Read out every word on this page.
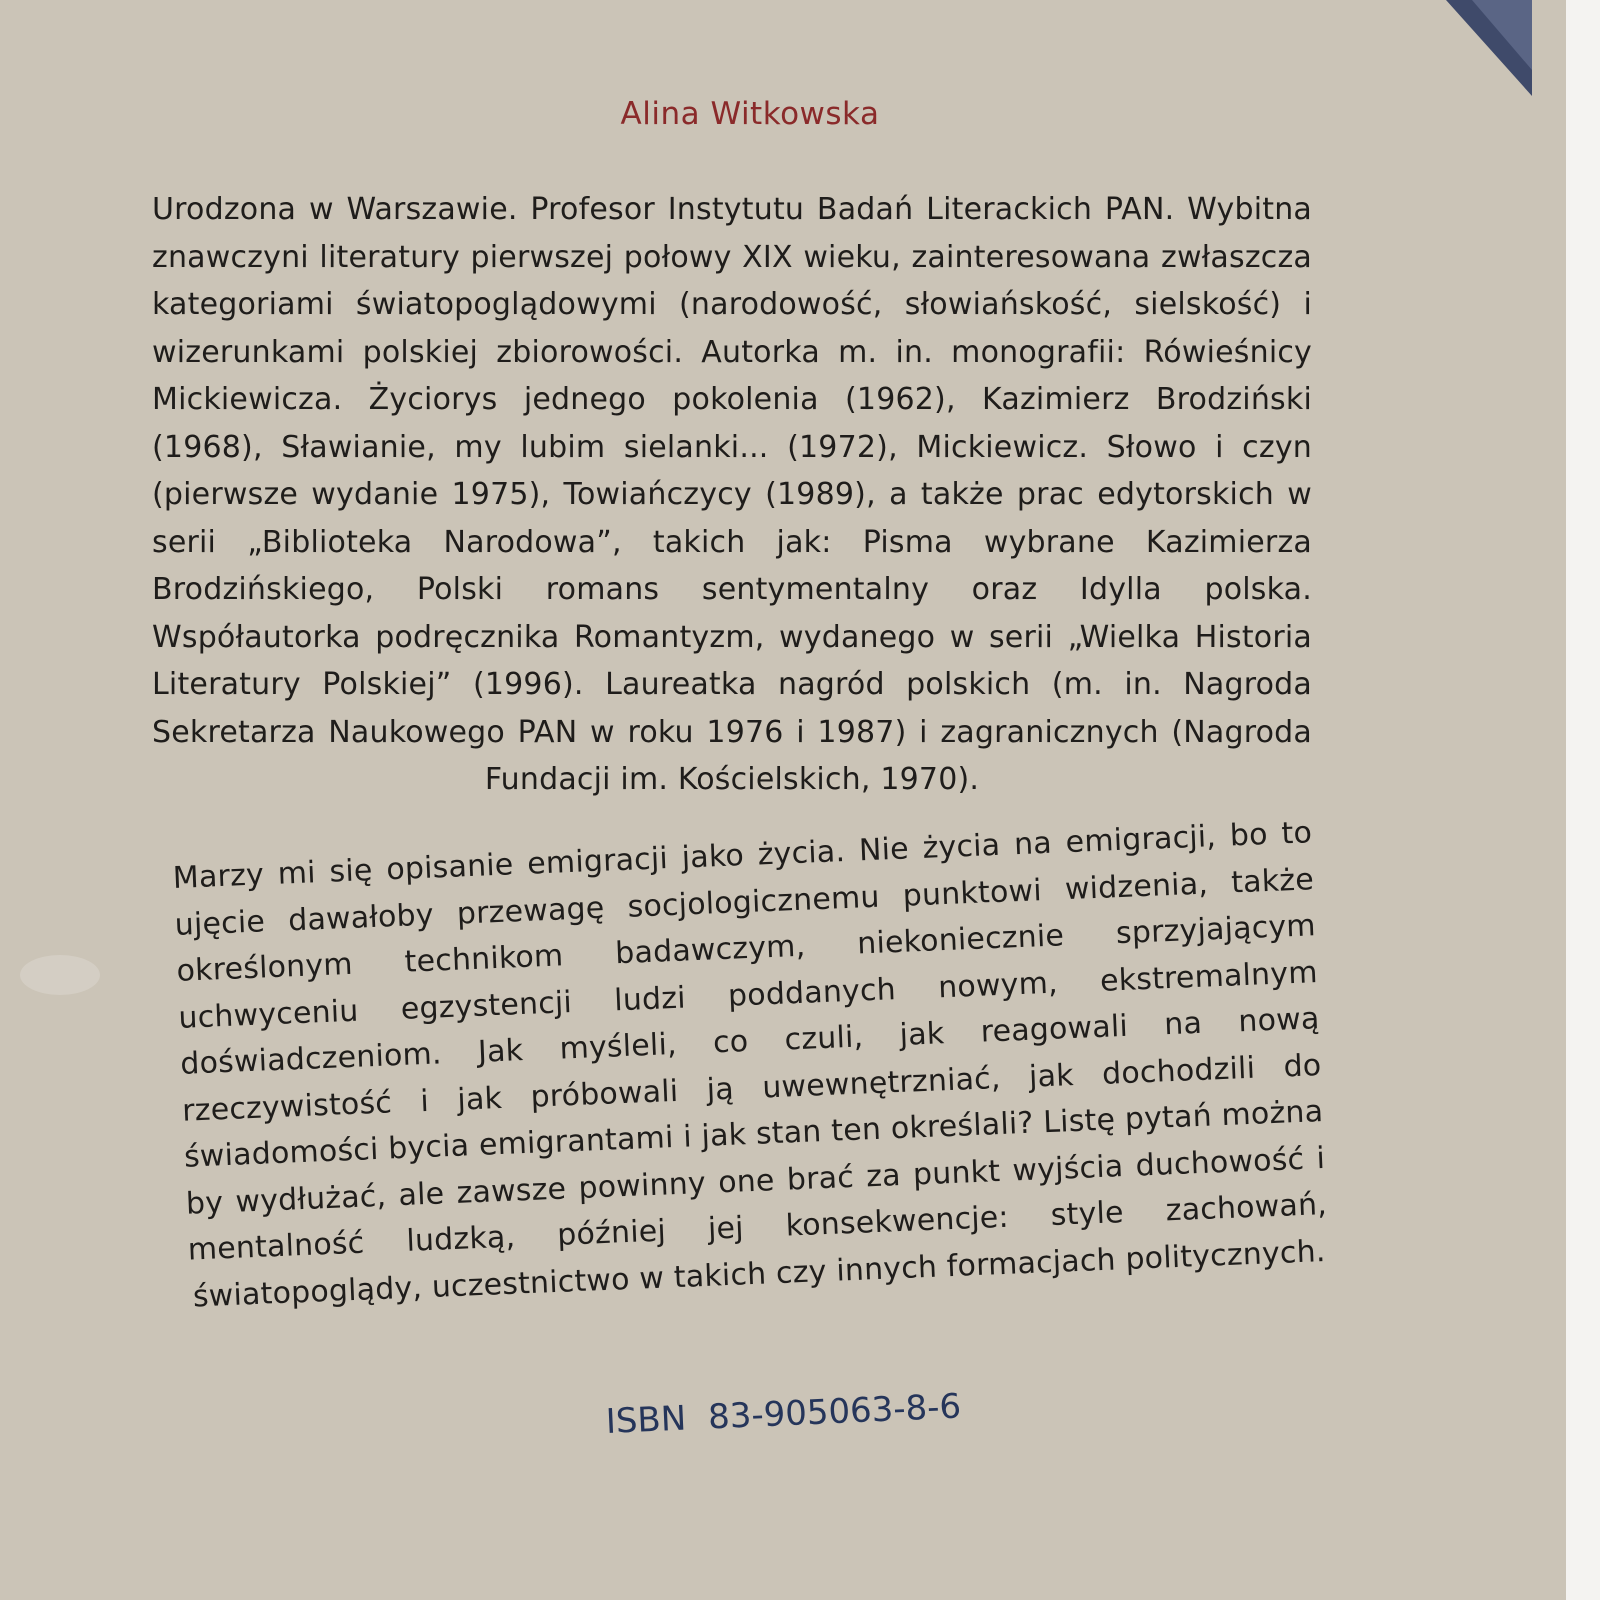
Alina Witkowska
Urodzona w Warszawie. Profesor Instytutu Badań Literackich PAN. Wybitna znawczyni literatury pierwszej połowy XIX wieku, zainteresowana zwłaszcza kategoriami światopoglądowymi (narodowość, słowiańskość, sielskość) i wizerunkami polskiej zbiorowości. Autorka m. in. monografii: Rówieśnicy Mickiewicza. Życiorys jednego pokolenia (1962), Kazimierz Brodziński (1968), Sławianie, my lubim sielanki... (1972), Mickiewicz. Słowo i czyn (pierwsze wydanie 1975), Towiańczycy (1989), a także prac edytorskich w serii „Biblioteka Narodowa”, takich jak: Pisma wybrane Kazimierza Brodzińskiego, Polski romans sentymentalny oraz Idylla polska. Współautorka podręcznika Romantyzm, wydanego w serii „Wielka Historia Literatury Polskiej” (1996). Laureatka nagród polskich (m. in. Nagroda Sekretarza Naukowego PAN w roku 1976 i 1987) i zagranicznych (Nagroda Fundacji im. Kościelskich, 1970).
Marzy mi się opisanie emigracji jako życia. Nie życia na emigracji, bo to ujęcie dawałoby przewagę socjologicznemu punktowi widzenia, także określonym technikom badawczym, niekoniecznie sprzyjającym uchwyceniu egzystencji ludzi poddanych nowym, ekstremalnym doświadczeniom. Jak myśleli, co czuli, jak reagowali na nową rzeczywistość i jak próbowali ją uwewnętrzniać, jak dochodzili do świadomości bycia emigrantami i jak stan ten określali? Listę pytań można by wydłużać, ale zawsze powinny one brać za punkt wyjścia duchowość i mentalność ludzką, później jej konsekwencje: style zachowań, światopoglądy, uczestnictwo w takich czy innych formacjach politycznych.
ISBN 83-905063-8-6
